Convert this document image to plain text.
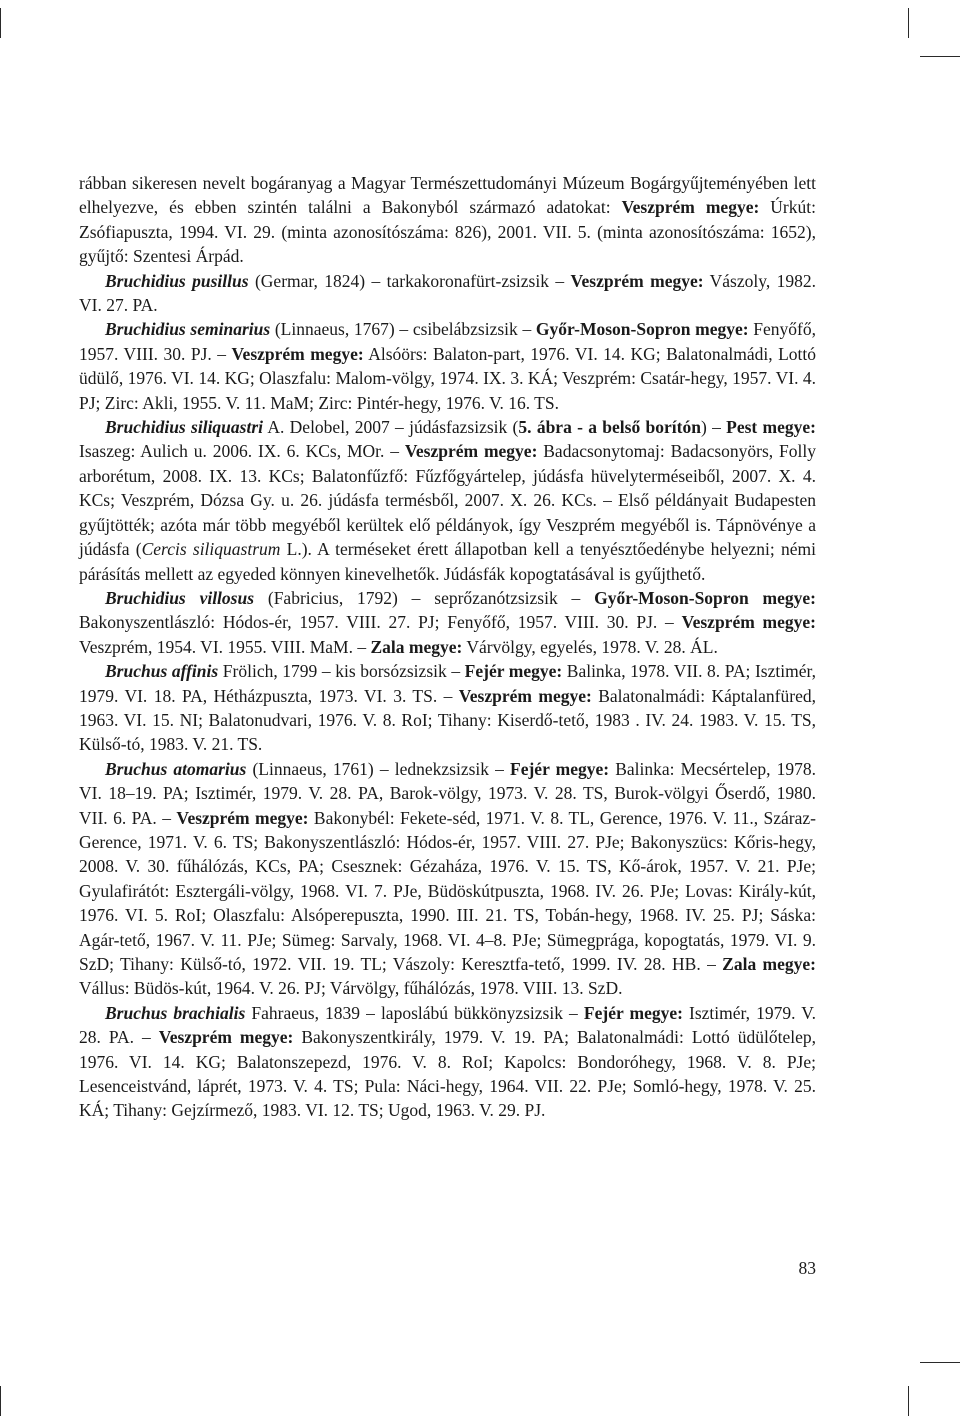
rábban sikeresen nevelt bogáranyag a Magyar Természettudományi Múzeum Bogárgyűjteményében lett elhelyezve, és ebben szintén találni a Bakonyból származó adatokat: Veszprém megye: Úrkút: Zsófiapuszta, 1994. VI. 29. (minta azonosítószáma: 826), 2001. VII. 5. (minta azonosítószáma: 1652), gyűjtő: Szentesi Árpád.

Bruchidius pusillus (Germar, 1824) – tarkakoronafürt-zsizsik – Veszprém megye: Vászoly, 1982. VI. 27. PA.

Bruchidius seminarius (Linnaeus, 1767) – csibelábzsizsik – Győr-Moson-Sopron megye: Fenyőfő, 1957. VIII. 30. PJ. – Veszprém megye: Alsóörs: Balaton-part, 1976. VI. 14. KG; Balatonalmádi, Lottó üdülő, 1976. VI. 14. KG; Olaszfalu: Malom-völgy, 1974. IX. 3. KÁ; Veszprém: Csatár-hegy, 1957. VI. 4. PJ; Zirc: Akli, 1955. V. 11. MaM; Zirc: Pintér-hegy, 1976. V. 16. TS.

Bruchidius siliquastri A. Delobel, 2007 – júdásfazsizsik (5. ábra - a belső borítón) – Pest megye: Isaszeg: Aulich u. 2006. IX. 6. KCs, MOr. – Veszprém megye: Badacsonytomaj: Badacsonyörs, Folly arborétum, 2008. IX. 13. KCs; Balatonfűzfő: Fűzfőgyártelep, júdásfa hüvelyterméseiből, 2007. X. 4. KCs; Veszprém, Dózsa Gy. u. 26. júdásfa termésből, 2007. X. 26. KCs. – Első példányait Budapesten gyűjtötték; azóta már több megyéből kerültek elő példányok, így Veszprém megyéből is. Tápnövénye a júdásfa (Cercis siliquastrum L.). A terméseket érett állapotban kell a tenyésztőedénybe helyezni; némi párásítás mellett az egyeded könnyen kinevelhetők. Júdásfák kopogtatásával is gyűjthető.

Bruchidius villosus (Fabricius, 1792) – seprőzanótzsizsik – Győr-Moson-Sopron megye: Bakonyszentlászló: Hódos-ér, 1957. VIII. 27. PJ; Fenyőfő, 1957. VIII. 30. PJ. – Veszprém megye: Veszprém, 1954. VI. 1955. VIII. MaM. – Zala megye: Várvölgy, egyelés, 1978. V. 28. ÁL.

Bruchus affinis Frölich, 1799 – kis borsózsizsik – Fejér megye: Balinka, 1978. VII. 8. PA; Isztimér, 1979. VI. 18. PA, Hétházpuszta, 1973. VI. 3. TS. – Veszprém megye: Balatonalmádi: Káptalanfüred, 1963. VI. 15. NI; Balatonudvari, 1976. V. 8. RoI; Tihany: Kiserdő-tető, 1983 . IV. 24. 1983. V. 15. TS, Külső-tó, 1983. V. 21. TS.

Bruchus atomarius (Linnaeus, 1761) – lednekzsizsik – Fejér megye: Balinka: Mecsértelep, 1978. VI. 18–19. PA; Isztimér, 1979. V. 28. PA, Barok-völgy, 1973. V. 28. TS, Burok-völgyi Őserdő, 1980. VII. 6. PA. – Veszprém megye: Bakonybél: Fekete-séd, 1971. V. 8. TL, Gerence, 1976. V. 11., Száraz-Gerence, 1971. V. 6. TS; Bakonyszentlászló: Hódos-ér, 1957. VIII. 27. PJe; Bakonyszücs: Kőris-hegy, 2008. V. 30. fűhálózás, KCs, PA; Csesznek: Gézaháza, 1976. V. 15. TS, Kő-árok, 1957. V. 21. PJe; Gyulafirátót: Esztergáli-völgy, 1968. VI. 7. PJe, Büdöskútpuszta, 1968. IV. 26. PJe; Lovas: Király-kút, 1976. VI. 5. RoI; Olaszfalu: Alsóperepuszta, 1990. III. 21. TS, Tobán-hegy, 1968. IV. 25. PJ; Sáska: Agár-tető, 1967. V. 11. PJe; Sümeg: Sarvaly, 1968. VI. 4–8. PJe; Sümegprága, kopogtatás, 1979. VI. 9. SzD; Tihany: Külső-tó, 1972. VII. 19. TL; Vászoly: Keresztfa-tető, 1999. IV. 28. HB. – Zala megye: Vállus: Büdös-kút, 1964. V. 26. PJ; Várvölgy, fűhálózás, 1978. VIII. 13. SzD.

Bruchus brachialis Fahraeus, 1839 – laposlábú bükkönyzsizsik – Fejér megye: Isztimér, 1979. V. 28. PA. – Veszprém megye: Bakonyszentkirály, 1979. V. 19. PA; Balatonalmádi: Lottó üdülőtelep, 1976. VI. 14. KG; Balatonszepezd, 1976. V. 8. RoI; Kapolcs: Bondoróhegy, 1968. V. 8. PJe; Lesenceistvánd, láprét, 1973. V. 4. TS; Pula: Náci-hegy, 1964. VII. 22. PJe; Somló-hegy, 1978. V. 25. KÁ; Tihany: Gejzírmező, 1983. VI. 12. TS; Ugod, 1963. V. 29. PJ.

83
